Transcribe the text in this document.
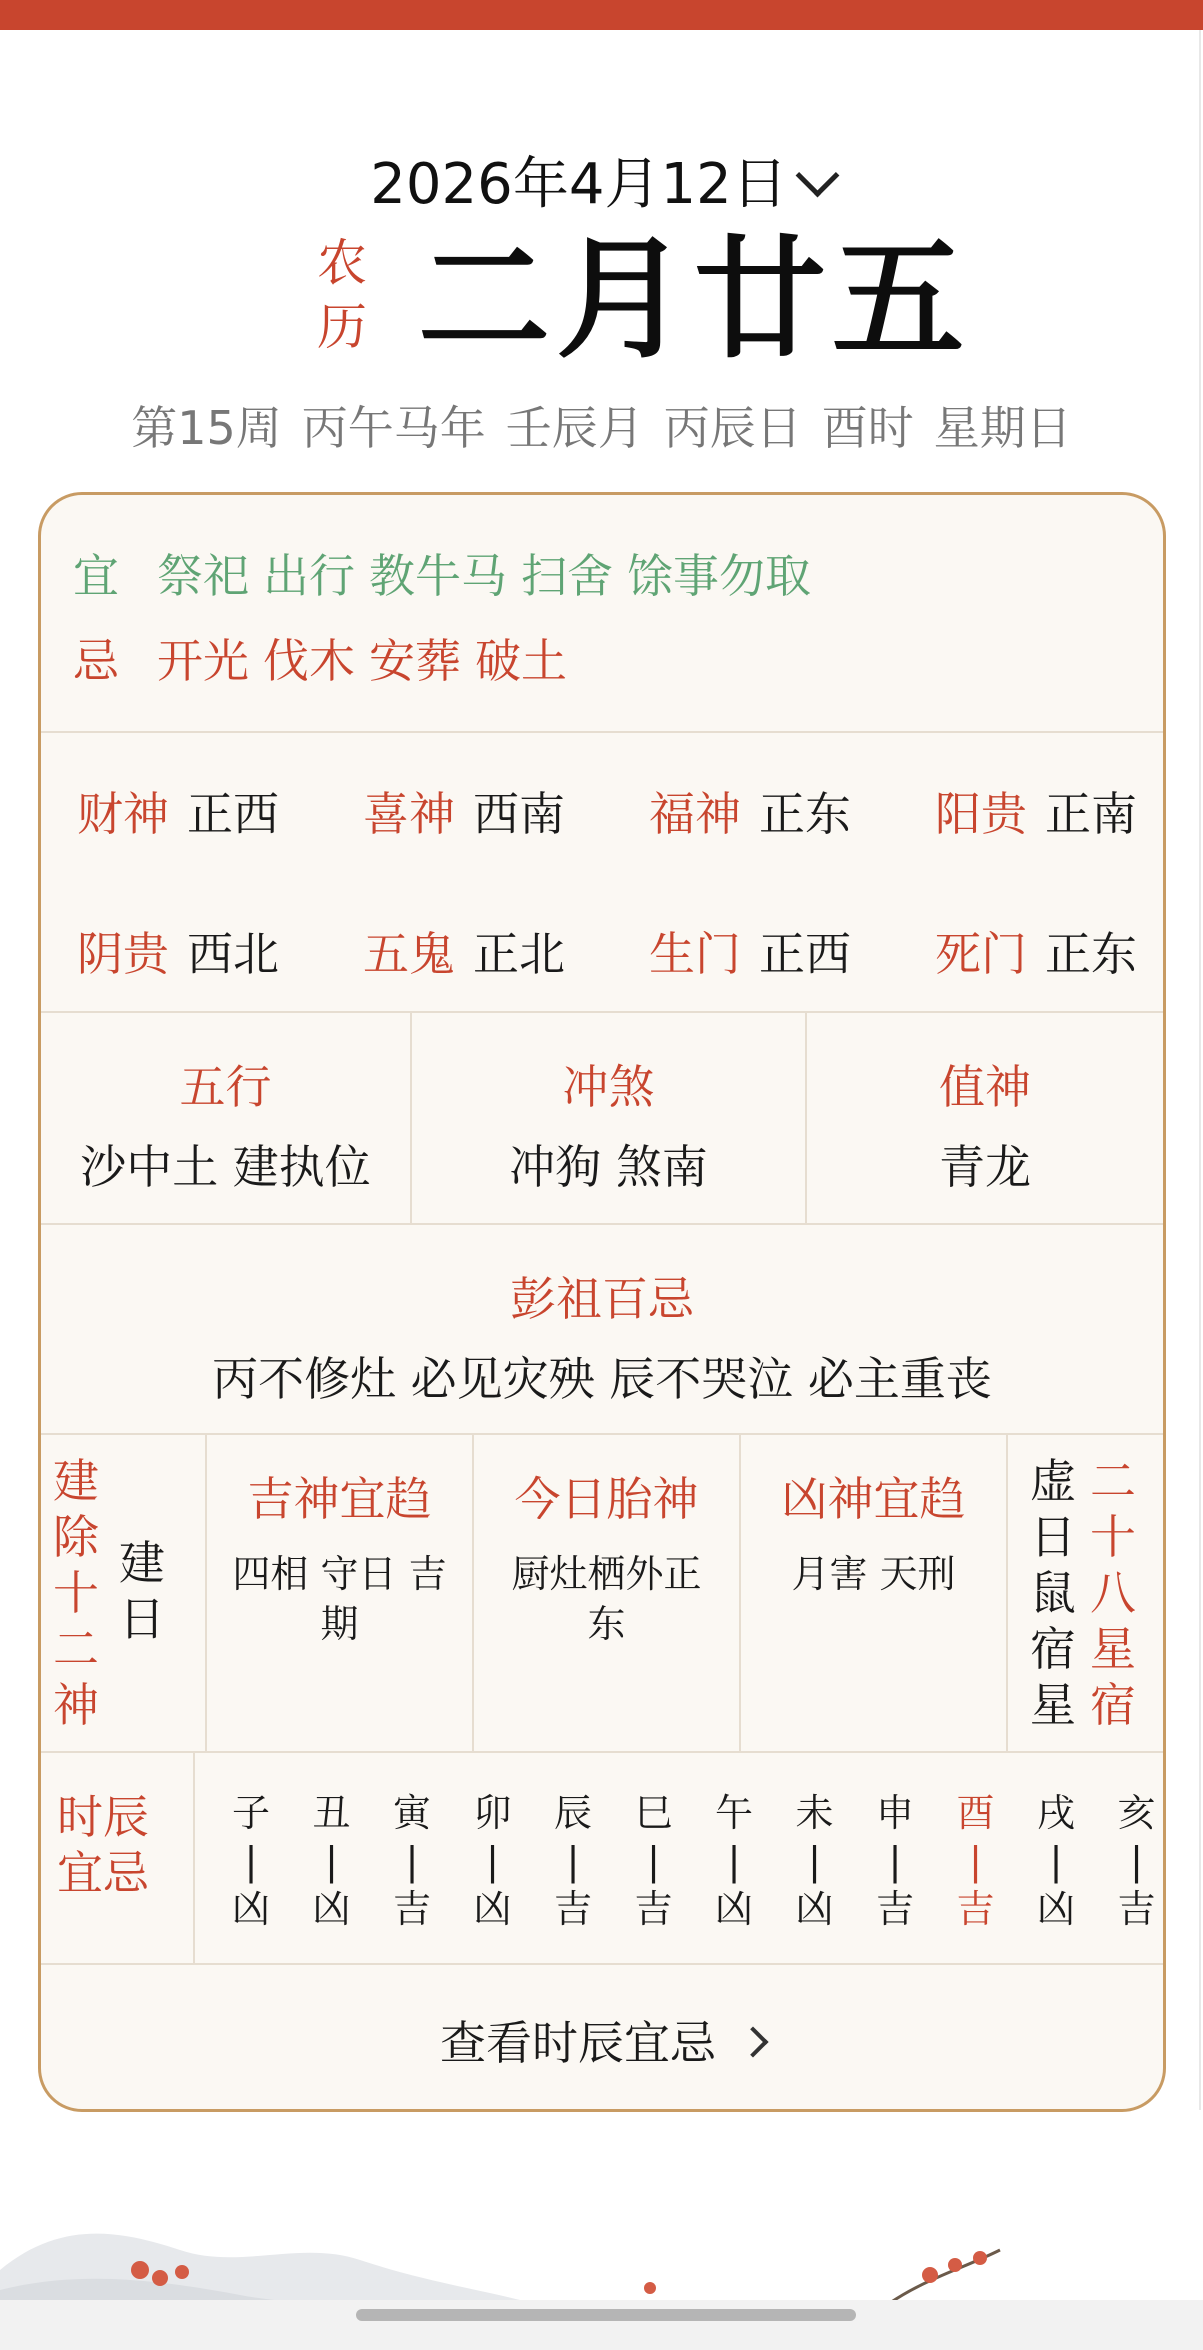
2026年4月12日
农
历 二月廿五
第15周 丙午马年 壬辰月 丙辰日 酉时 星期日
宜 祭祀 出行 教牛马 扫舍 馀事勿取
忌 开光 伐木 安葬 破土
财神 正西 喜神 西南 福神 正东 阳贵 正南
阴贵 西北 五鬼 正北 生门 正西 死门 正东
五行
沙中土 建执位
冲煞
冲狗 煞南
值神
青龙
彭祖百忌
丙不修灶 必见灾殃 辰不哭泣 必主重丧
建
除
十
二
神
建
日
吉神宜趋
四相 守日 吉期
今日胎神
厨灶栖外正东
凶神宜趋
月害 天刑
虚
日
鼠
宿
星
二
十
八
星
宿
时辰
宜忌
子
|
凶
丑
|
凶
寅
|
吉
卯
|
凶
辰
|
吉
巳
|
吉
午
|
凶
未
|
凶
申
|
吉
酉
|
吉
戌
|
凶
亥
|
吉
查看时辰宜忌
